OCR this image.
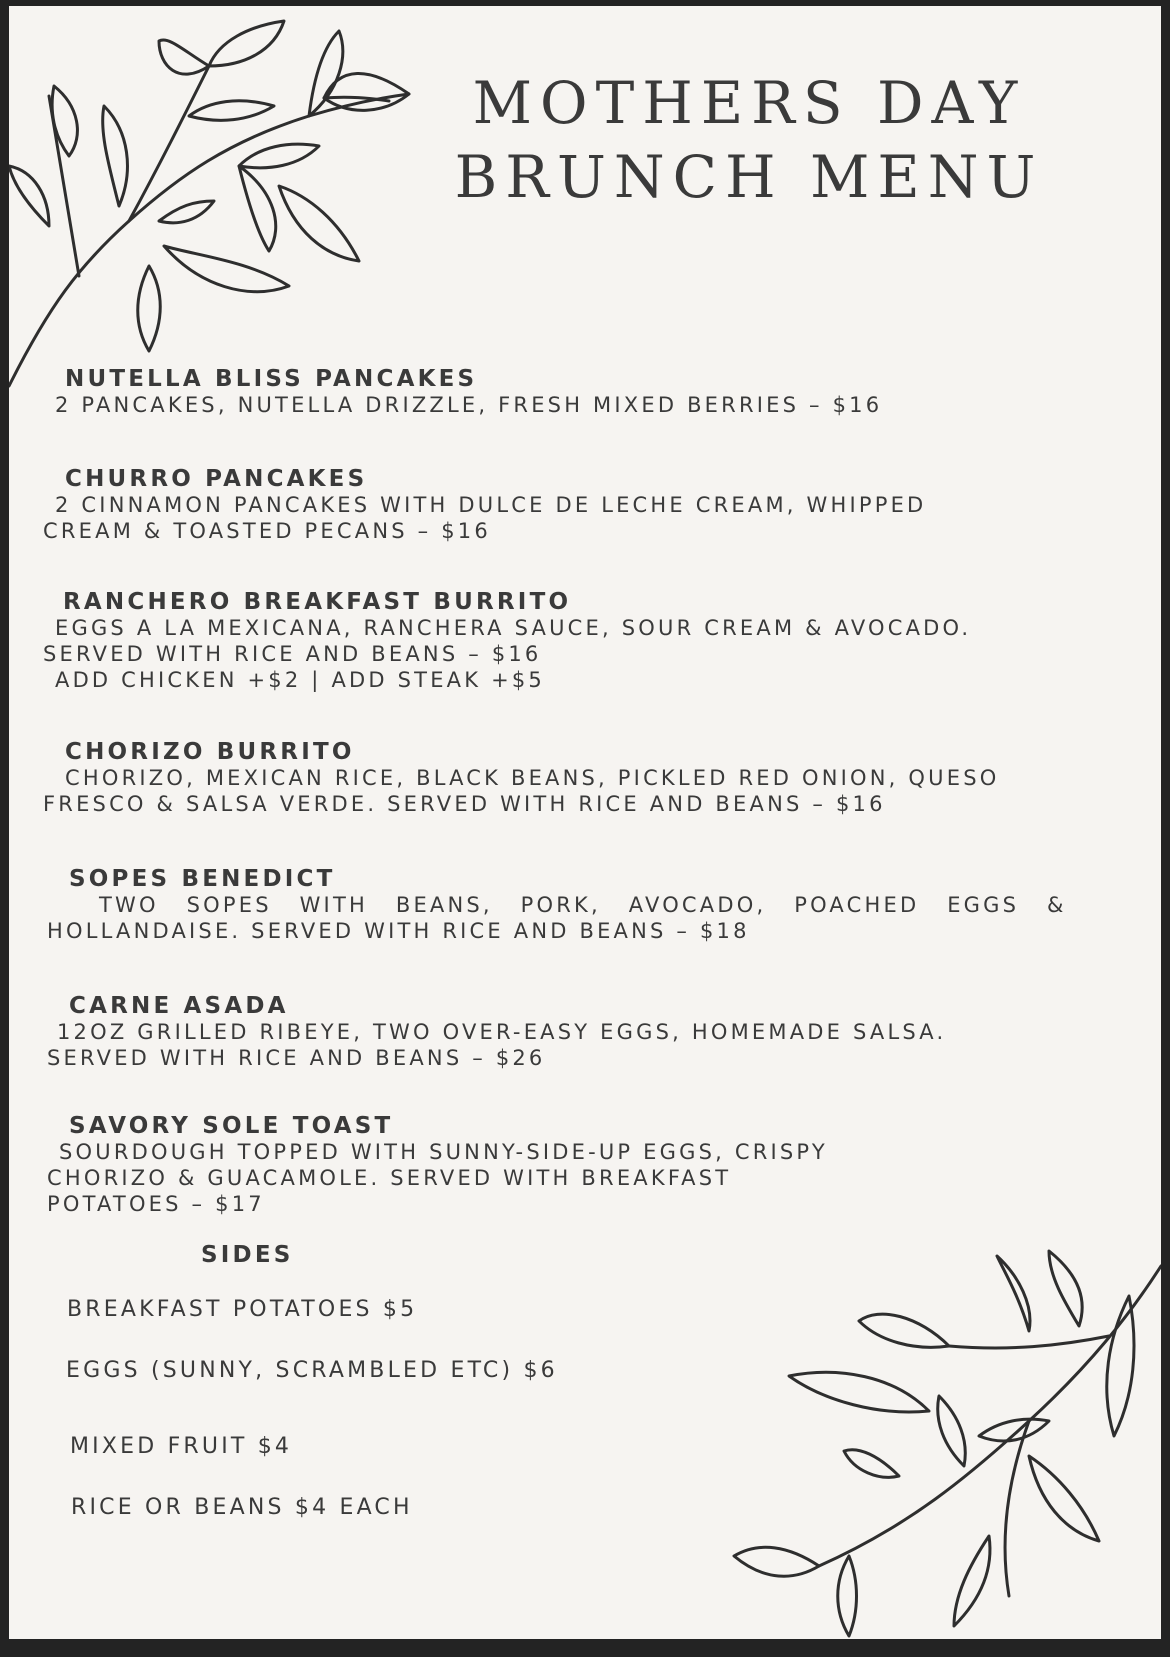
MOTHERS DAY
BRUNCH MENU
NUTELLA BLISS PANCAKES
2 PANCAKES, NUTELLA DRIZZLE, FRESH MIXED BERRIES – $16
CHURRO PANCAKES
2 CINNAMON PANCAKES WITH DULCE DE LECHE CREAM, WHIPPED
CREAM & TOASTED PECANS – $16
RANCHERO BREAKFAST BURRITO
EGGS A LA MEXICANA, RANCHERA SAUCE, SOUR CREAM & AVOCADO.
SERVED WITH RICE AND BEANS – $16
ADD CHICKEN +$2 | ADD STEAK +$5
CHORIZO BURRITO
CHORIZO, MEXICAN RICE, BLACK BEANS, PICKLED RED ONION, QUESO
FRESCO & SALSA VERDE. SERVED WITH RICE AND BEANS – $16
SOPES BENEDICT
TWO SOPES WITH BEANS, PORK, AVOCADO, POACHED EGGS &
HOLLANDAISE. SERVED WITH RICE AND BEANS – $18
CARNE ASADA
12OZ GRILLED RIBEYE, TWO OVER-EASY EGGS, HOMEMADE SALSA.
SERVED WITH RICE AND BEANS – $26
SAVORY SOLE TOAST
SOURDOUGH TOPPED WITH SUNNY-SIDE-UP EGGS, CRISPY
CHORIZO & GUACAMOLE. SERVED WITH BREAKFAST
POTATOES – $17
SIDES
BREAKFAST POTATOES $5
EGGS (SUNNY, SCRAMBLED ETC) $6
MIXED FRUIT $4
RICE OR BEANS $4 EACH
